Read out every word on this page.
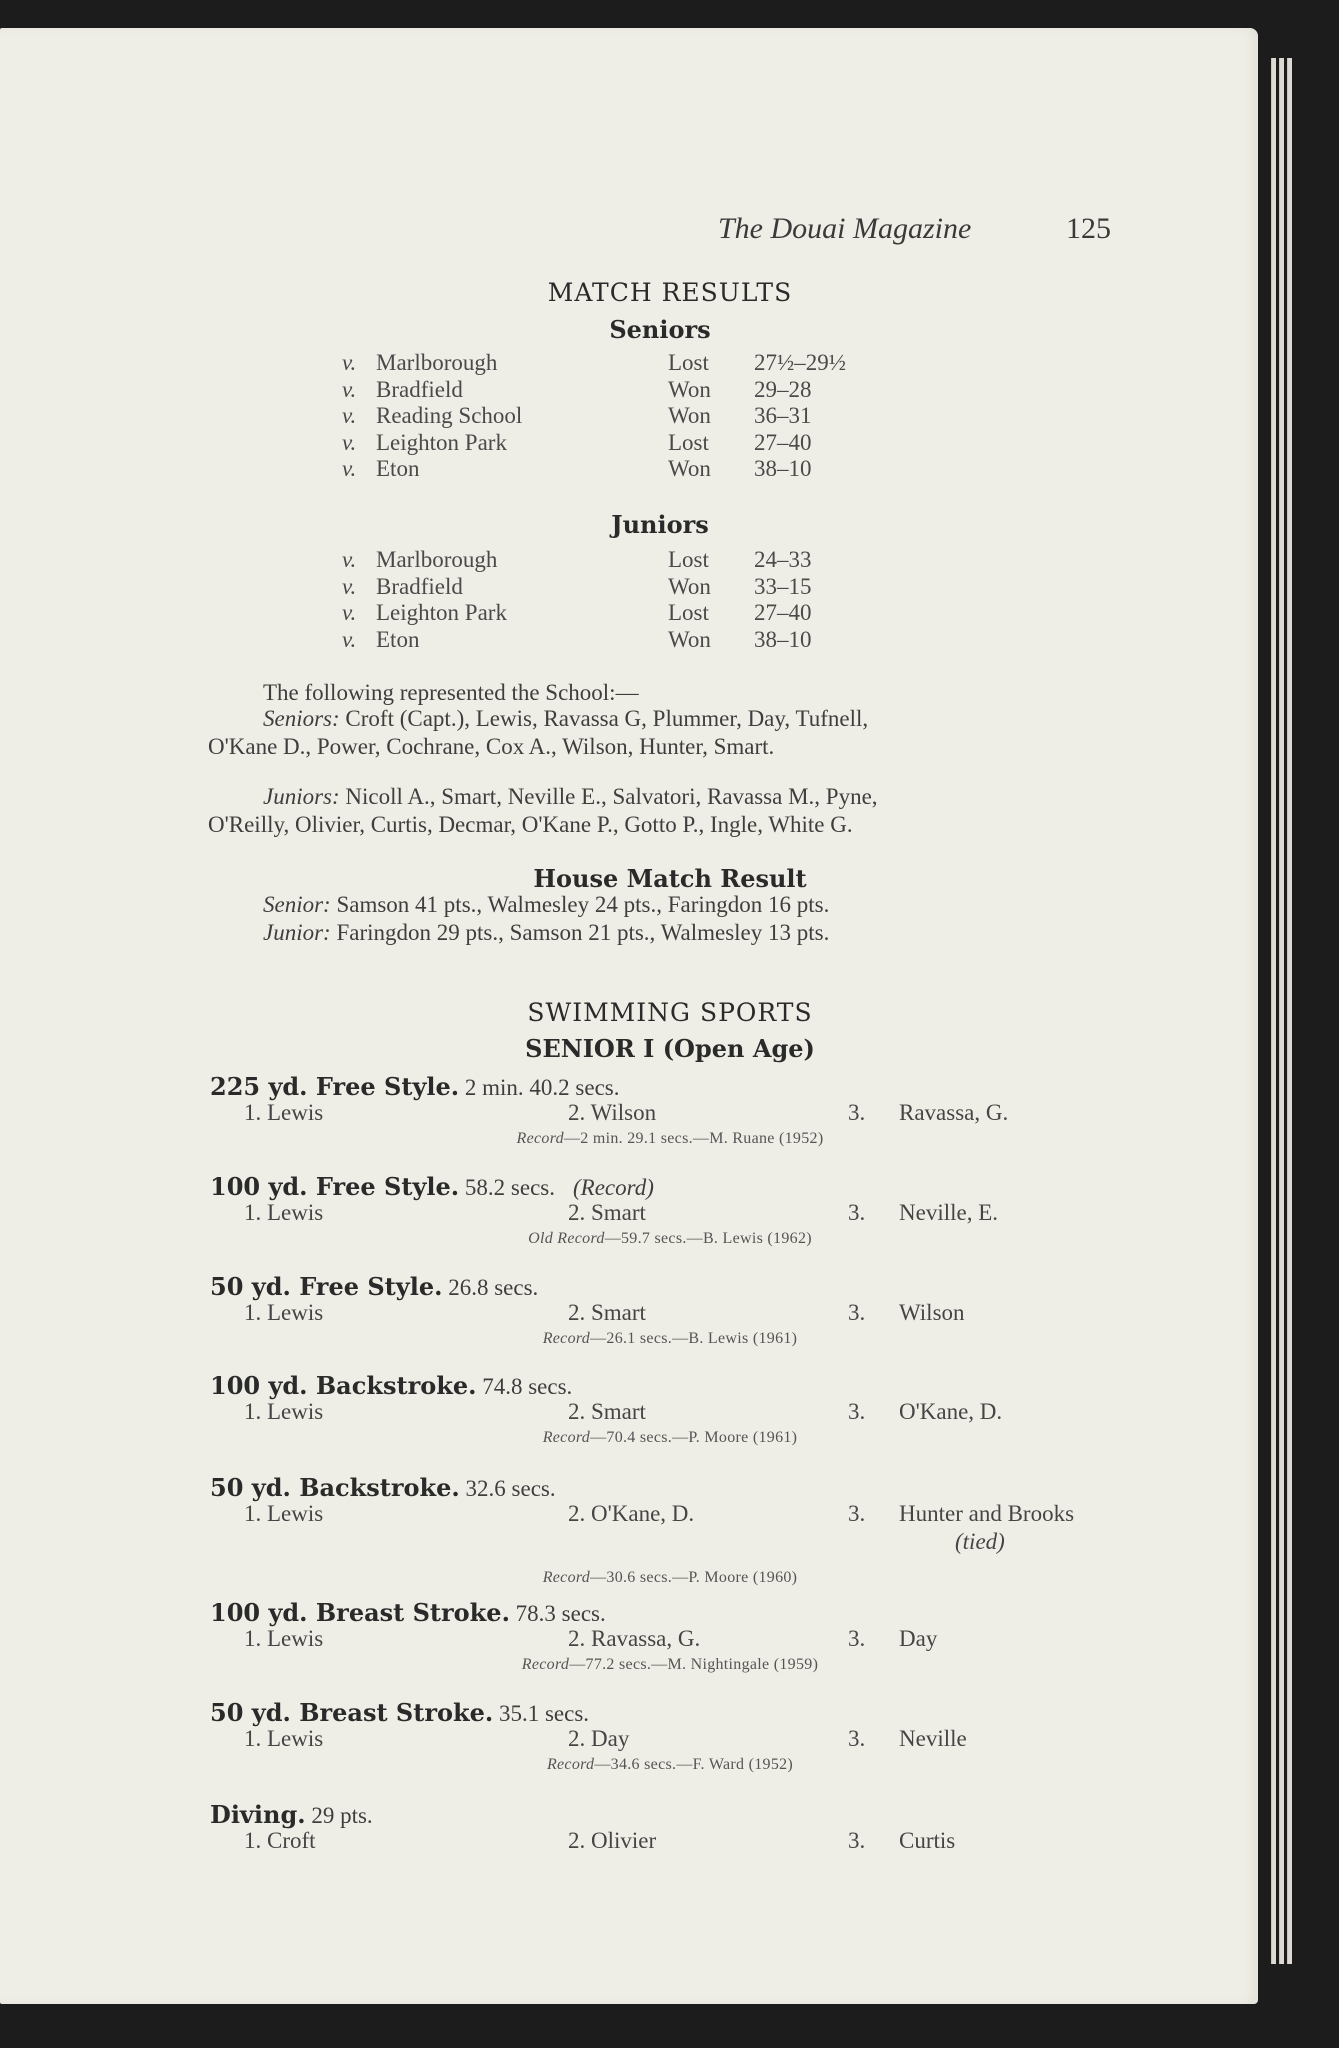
The Douai Magazine	125
MATCH RESULTS
Seniors
v. Marlborough	Lost 27½–29½
v. Bradfield	Won 29–28
v. Reading School	Won 36–31
v. Leighton Park	Lost 27–40
v. Eton	Won 38–10
Juniors
v. Marlborough	Lost 24–33
v. Bradfield	Won 33–15
v. Leighton Park	Lost 27–40
v. Eton	Won 38–10
The following represented the School:—
Seniors: Croft (Capt.), Lewis, Ravassa G, Plummer, Day, Tufnell,
O'Kane D., Power, Cochrane, Cox A., Wilson, Hunter, Smart.
Juniors: Nicoll A., Smart, Neville E., Salvatori, Ravassa M., Pyne,
O'Reilly, Olivier, Curtis, Decmar, O'Kane P., Gotto P., Ingle, White G.
House Match Result
Senior: Samson 41 pts., Walmesley 24 pts., Faringdon 16 pts.
Junior: Faringdon 29 pts., Samson 21 pts., Walmesley 13 pts.
SWIMMING SPORTS
SENIOR I (Open Age)
225 yd. Free Style. 2 min. 40.2 secs.
1. Lewis	2. Wilson	3. Ravassa, G.
Record—2 min. 29.1 secs.—M. Ruane (1952)
100 yd. Free Style. 58.2 secs. (Record)
1. Lewis	2. Smart	3. Neville, E.
Old Record—59.7 secs.—B. Lewis (1962)
50 yd. Free Style. 26.8 secs.
1. Lewis	2. Smart	3. Wilson
Record—26.1 secs.—B. Lewis (1961)
100 yd. Backstroke. 74.8 secs.
1. Lewis	2. Smart	3. O'Kane, D.
Record—70.4 secs.—P. Moore (1961)
50 yd. Backstroke. 32.6 secs.
1. Lewis	2. O'Kane, D.	3. Hunter and Brooks
(tied)
Record—30.6 secs.—P. Moore (1960)
100 yd. Breast Stroke. 78.3 secs.
1. Lewis	2. Ravassa, G.	3. Day
Record—77.2 secs.—M. Nightingale (1959)
50 yd. Breast Stroke. 35.1 secs.
1. Lewis	2. Day	3. Neville
Record—34.6 secs.—F. Ward (1952)
Diving. 29 pts.
1. Croft	2. Olivier	3. Curtis
